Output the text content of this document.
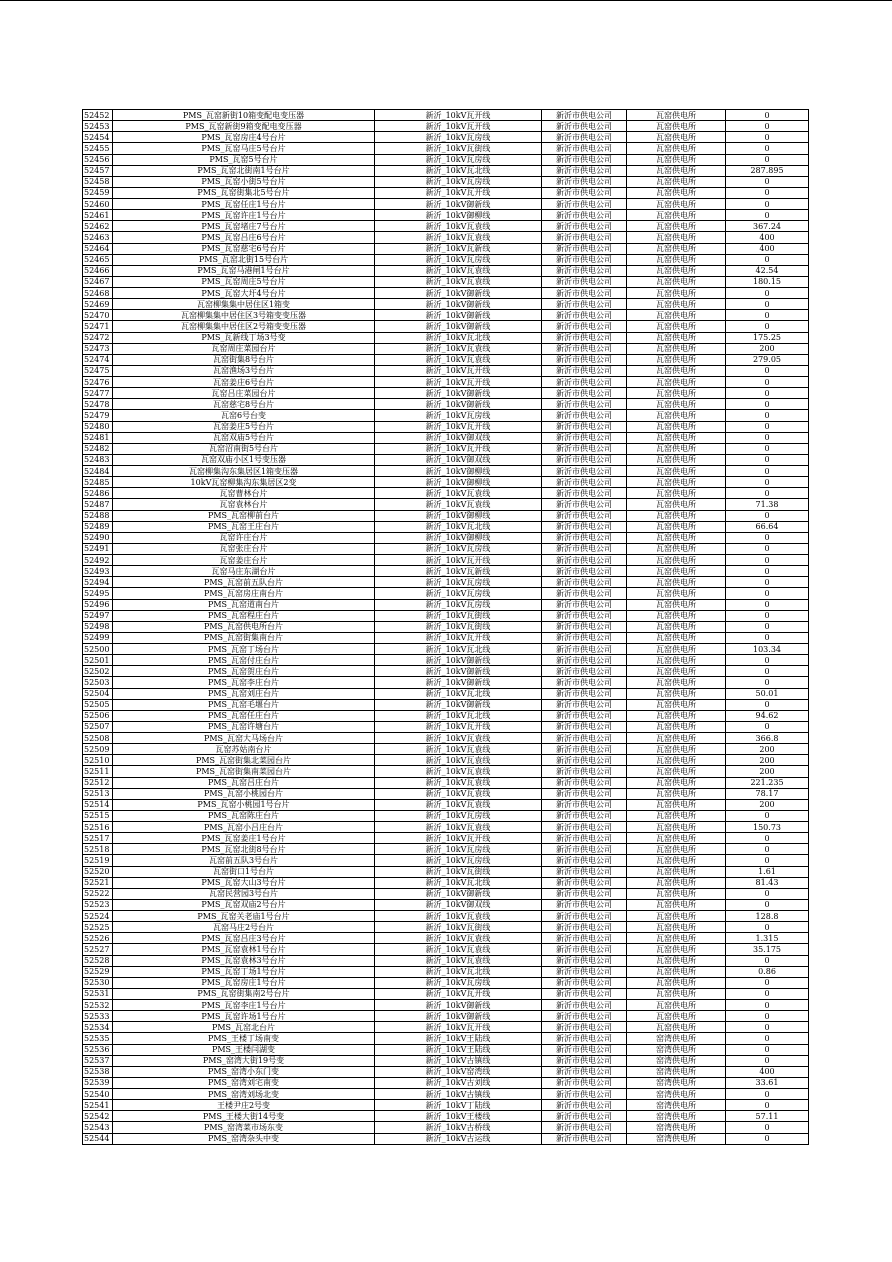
52452	PMS_瓦窑新街10箱变配电变压器	新沂_10kV瓦开线	新沂市供电公司	瓦窑供电所	0
52453	PMS_瓦窑新街9箱变配电变压器	新沂_10kV瓦开线	新沂市供电公司	瓦窑供电所	0
52454	PMS_瓦窑房庄4号台片	新沂_10kV瓦房线	新沂市供电公司	瓦窑供电所	0
52455	PMS_瓦窑马庄5号台片	新沂_10kV瓦街线	新沂市供电公司	瓦窑供电所	0
52456	PMS_瓦窑5号台片	新沂_10kV瓦房线	新沂市供电公司	瓦窑供电所	0
52457	PMS_瓦窑北街南1号台片	新沂_10kV瓦北线	新沂市供电公司	瓦窑供电所	287.895
52458	PMS_瓦窑小街5号台片	新沂_10kV瓦房线	新沂市供电公司	瓦窑供电所	0
52459	PMS_瓦窑街集北5号台片	新沂_10kV瓦开线	新沂市供电公司	瓦窑供电所	0
52460	PMS_瓦窑任庄1号台片	新沂_10kV御新线	新沂市供电公司	瓦窑供电所	0
52461	PMS_瓦窑许庄1号台片	新沂_10kV御柳线	新沂市供电公司	瓦窑供电所	0
52462	PMS_瓦窑堵庄7号台片	新沂_10kV瓦袁线	新沂市供电公司	瓦窑供电所	367.24
52463	PMS_瓦窑吕庄6号台片	新沂_10kV瓦袁线	新沂市供电公司	瓦窑供电所	400
52464	PMS_瓦窑慈宅6号台片	新沂_10kV瓦新线	新沂市供电公司	瓦窑供电所	400
52465	PMS_瓦窑北街15号台片	新沂_10kV瓦房线	新沂市供电公司	瓦窑供电所	0
52466	PMS_瓦窑马港闸1号台片	新沂_10kV瓦袁线	新沂市供电公司	瓦窑供电所	42.54
52467	PMS_瓦窑周庄5号台片	新沂_10kV瓦袁线	新沂市供电公司	瓦窑供电所	180.15
52468	PMS_瓦窑大圩4号台片	新沂_10kV御新线	新沂市供电公司	瓦窑供电所	0
52469	瓦窑柳集集中居住区1箱变	新沂_10kV御新线	新沂市供电公司	瓦窑供电所	0
52470	瓦窑柳集集中居住区3号箱变变压器	新沂_10kV御新线	新沂市供电公司	瓦窑供电所	0
52471	瓦窑柳集集中居住区2号箱变变压器	新沂_10kV御新线	新沂市供电公司	瓦窑供电所	0
52472	PMS_瓦新线丁场3号变	新沂_10kV瓦北线	新沂市供电公司	瓦窑供电所	175.25
52473	瓦窑周庄菜园台片	新沂_10kV瓦袁线	新沂市供电公司	瓦窑供电所	200
52474	瓦窑街集8号台片	新沂_10kV瓦袁线	新沂市供电公司	瓦窑供电所	279.05
52475	瓦窑渔场3号台片	新沂_10kV瓦开线	新沂市供电公司	瓦窑供电所	0
52476	瓦窑姜庄6号台片	新沂_10kV瓦开线	新沂市供电公司	瓦窑供电所	0
52477	瓦窑吕庄菜园台片	新沂_10kV御新线	新沂市供电公司	瓦窑供电所	0
52478	瓦窑慈宅8号台片	新沂_10kV御新线	新沂市供电公司	瓦窑供电所	0
52479	瓦窑6号台变	新沂_10kV瓦房线	新沂市供电公司	瓦窑供电所	0
52480	瓦窑姜庄5号台片	新沂_10kV瓦开线	新沂市供电公司	瓦窑供电所	0
52481	瓦窑双庙5号台片	新沂_10kV御双线	新沂市供电公司	瓦窑供电所	0
52482	瓦窑沼南街5号台片	新沂_10kV瓦开线	新沂市供电公司	瓦窑供电所	0
52483	瓦窑双庙小区1号变压器	新沂_10kV御双线	新沂市供电公司	瓦窑供电所	0
52484	瓦窑柳集沟东集居区1箱变压器	新沂_10kV御柳线	新沂市供电公司	瓦窑供电所	0
52485	10kV瓦窑柳集沟东集居区2变	新沂_10kV御柳线	新沂市供电公司	瓦窑供电所	0
52486	瓦窑曹林台片	新沂_10kV瓦袁线	新沂市供电公司	瓦窑供电所	0
52487	瓦窑袁林台片	新沂_10kV瓦袁线	新沂市供电公司	瓦窑供电所	71.38
52488	PMS_瓦窑柳前台片	新沂_10kV御柳线	新沂市供电公司	瓦窑供电所	0
52489	PMS_瓦窑王庄台片	新沂_10kV瓦北线	新沂市供电公司	瓦窑供电所	66.64
52490	瓦窑许庄台片	新沂_10kV御柳线	新沂市供电公司	瓦窑供电所	0
52491	瓦窑张庄台片	新沂_10kV瓦房线	新沂市供电公司	瓦窑供电所	0
52492	瓦窑姜庄台片	新沂_10kV瓦开线	新沂市供电公司	瓦窑供电所	0
52493	瓦窑马庄东湖台片	新沂_10kV瓦新线	新沂市供电公司	瓦窑供电所	0
52494	PMS_瓦窑前五队台片	新沂_10kV瓦房线	新沂市供电公司	瓦窑供电所	0
52495	PMS_瓦窑房庄南台片	新沂_10kV瓦房线	新沂市供电公司	瓦窑供电所	0
52496	PMS_瓦窑道南台片	新沂_10kV瓦房线	新沂市供电公司	瓦窑供电所	0
52497	PMS_瓦窑程庄台片	新沂_10kV瓦街线	新沂市供电公司	瓦窑供电所	0
52498	PMS_瓦窑供电所台片	新沂_10kV瓦街线	新沂市供电公司	瓦窑供电所	0
52499	PMS_瓦窑街集南台片	新沂_10kV瓦开线	新沂市供电公司	瓦窑供电所	0
52500	PMS_瓦窑丁场台片	新沂_10kV瓦北线	新沂市供电公司	瓦窑供电所	103.34
52501	PMS_瓦窑付庄台片	新沂_10kV御新线	新沂市供电公司	瓦窑供电所	0
52502	PMS_瓦窑贺庄台片	新沂_10kV御新线	新沂市供电公司	瓦窑供电所	0
52503	PMS_瓦窑李庄台片	新沂_10kV御新线	新沂市供电公司	瓦窑供电所	0
52504	PMS_瓦窑刘庄台片	新沂_10kV瓦北线	新沂市供电公司	瓦窑供电所	50.01
52505	PMS_瓦窑毛堰台片	新沂_10kV御新线	新沂市供电公司	瓦窑供电所	0
52506	PMS_瓦窑任庄台片	新沂_10kV瓦北线	新沂市供电公司	瓦窑供电所	94.62
52507	PMS_瓦窑许塘台片	新沂_10kV瓦开线	新沂市供电公司	瓦窑供电所	0
52508	PMS_瓦窑大马场台片	新沂_10kV瓦袁线	新沂市供电公司	瓦窑供电所	366.8
52509	瓦窑苏姑南台片	新沂_10kV瓦袁线	新沂市供电公司	瓦窑供电所	200
52510	PMS_瓦窑街集北菜园台片	新沂_10kV瓦袁线	新沂市供电公司	瓦窑供电所	200
52511	PMS_瓦窑街集南菜园台片	新沂_10kV瓦袁线	新沂市供电公司	瓦窑供电所	200
52512	PMS_瓦窑吕庄台片	新沂_10kV瓦袁线	新沂市供电公司	瓦窑供电所	221.235
52513	PMS_瓦窑小桃园台片	新沂_10kV瓦袁线	新沂市供电公司	瓦窑供电所	78.17
52514	PMS_瓦窑小桃园1号台片	新沂_10kV瓦袁线	新沂市供电公司	瓦窑供电所	200
52515	PMS_瓦窑陈庄台片	新沂_10kV瓦房线	新沂市供电公司	瓦窑供电所	0
52516	PMS_瓦窑小吕庄台片	新沂_10kV瓦袁线	新沂市供电公司	瓦窑供电所	150.73
52517	PMS_瓦窑姜庄1号台片	新沂_10kV瓦开线	新沂市供电公司	瓦窑供电所	0
52518	PMS_瓦窑北街8号台片	新沂_10kV瓦房线	新沂市供电公司	瓦窑供电所	0
52519	瓦窑前五队3号台片	新沂_10kV瓦房线	新沂市供电公司	瓦窑供电所	0
52520	瓦窑街口1号台片	新沂_10kV瓦街线	新沂市供电公司	瓦窑供电所	1.61
52521	PMS_瓦窑大山3号台片	新沂_10kV瓦北线	新沂市供电公司	瓦窑供电所	81.43
52522	瓦窑民营园3号台片	新沂_10kV御新线	新沂市供电公司	瓦窑供电所	0
52523	PMS_瓦窑双庙2号台片	新沂_10kV御双线	新沂市供电公司	瓦窑供电所	0
52524	PMS_瓦窑关老庙1号台片	新沂_10kV瓦袁线	新沂市供电公司	瓦窑供电所	128.8
52525	瓦窑马庄2号台片	新沂_10kV瓦街线	新沂市供电公司	瓦窑供电所	0
52526	PMS_瓦窑吕庄3号台片	新沂_10kV瓦袁线	新沂市供电公司	瓦窑供电所	1.315
52527	PMS_瓦窑袁林1号台片	新沂_10kV瓦袁线	新沂市供电公司	瓦窑供电所	35.175
52528	PMS_瓦窑袁林3号台片	新沂_10kV瓦袁线	新沂市供电公司	瓦窑供电所	0
52529	PMS_瓦窑丁场1号台片	新沂_10kV瓦北线	新沂市供电公司	瓦窑供电所	0.86
52530	PMS_瓦窑房庄1号台片	新沂_10kV瓦房线	新沂市供电公司	瓦窑供电所	0
52531	PMS_瓦窑街集南2号台片	新沂_10kV瓦开线	新沂市供电公司	瓦窑供电所	0
52532	PMS_瓦窑李庄1号台片	新沂_10kV御新线	新沂市供电公司	瓦窑供电所	0
52533	PMS_瓦窑许场1号台片	新沂_10kV御新线	新沂市供电公司	瓦窑供电所	0
52534	PMS_瓦窑北台片	新沂_10kV瓦开线	新沂市供电公司	瓦窑供电所	0
52535	PMS_王楼丁场南变	新沂_10kV王陆线	新沂市供电公司	窑湾供电所	0
52536	PMS_王楼闫湖变	新沂_10kV王陆线	新沂市供电公司	窑湾供电所	0
52537	PMS_窑湾大街19号变	新沂_10kV古镇线	新沂市供电公司	窑湾供电所	0
52538	PMS_窑湾小东门变	新沂_10kV窑湾线	新沂市供电公司	窑湾供电所	400
52539	PMS_窑湾刘宅南变	新沂_10kV古刘线	新沂市供电公司	窑湾供电所	33.61
52540	PMS_窑湾刘场北变	新沂_10kV古镇线	新沂市供电公司	窑湾供电所	0
52541	王楼尹庄2号变	新沂_10kV丁陆线	新沂市供电公司	窑湾供电所	0
52542	PMS_王楼大街14号变	新沂_10kV王楼线	新沂市供电公司	窑湾供电所	57.11
52543	PMS_窑湾菜市场东变	新沂_10kV古桥线	新沂市供电公司	窑湾供电所	0
52544	PMS_窑湾杂头中变	新沂_10kV古运线	新沂市供电公司	窑湾供电所	0
